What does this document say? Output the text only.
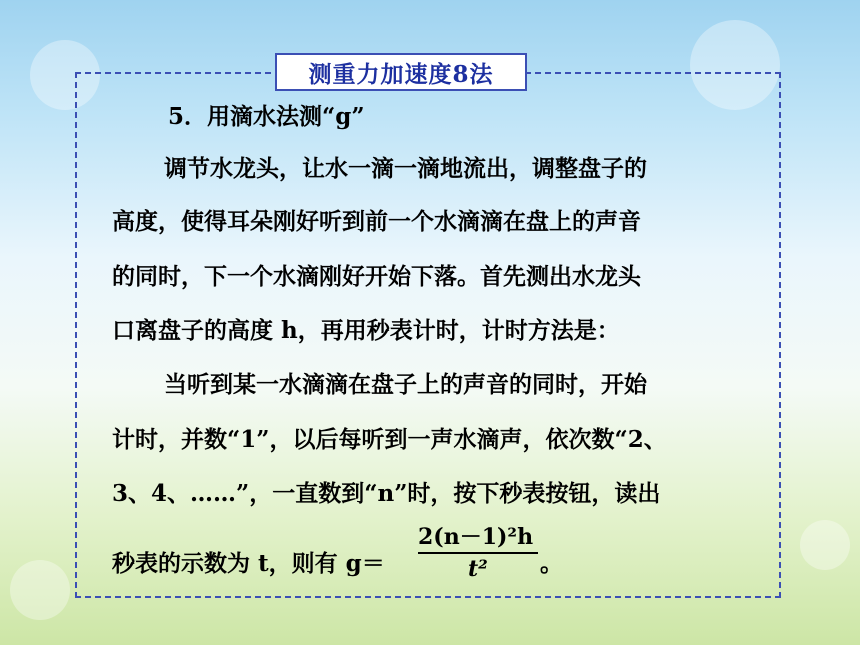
测重力加速度8法
5．用滴水法测“g”
调节水龙头，让水一滴一滴地流出，调整盘子的
高度，使得耳朵刚好听到前一个水滴滴在盘上的声音
的同时，下一个水滴刚好开始下落。首先测出水龙头
口离盘子的高度 h，再用秒表计时，计时方法是：
当听到某一水滴滴在盘子上的声音的同时，开始
计时，并数“1”，以后每听到一声水滴声，依次数“2、
3、4、……”，一直数到“n”时，按下秒表按钮，读出
秒表的示数为 t，则有 g＝
2(n－1)²h
t² 。
